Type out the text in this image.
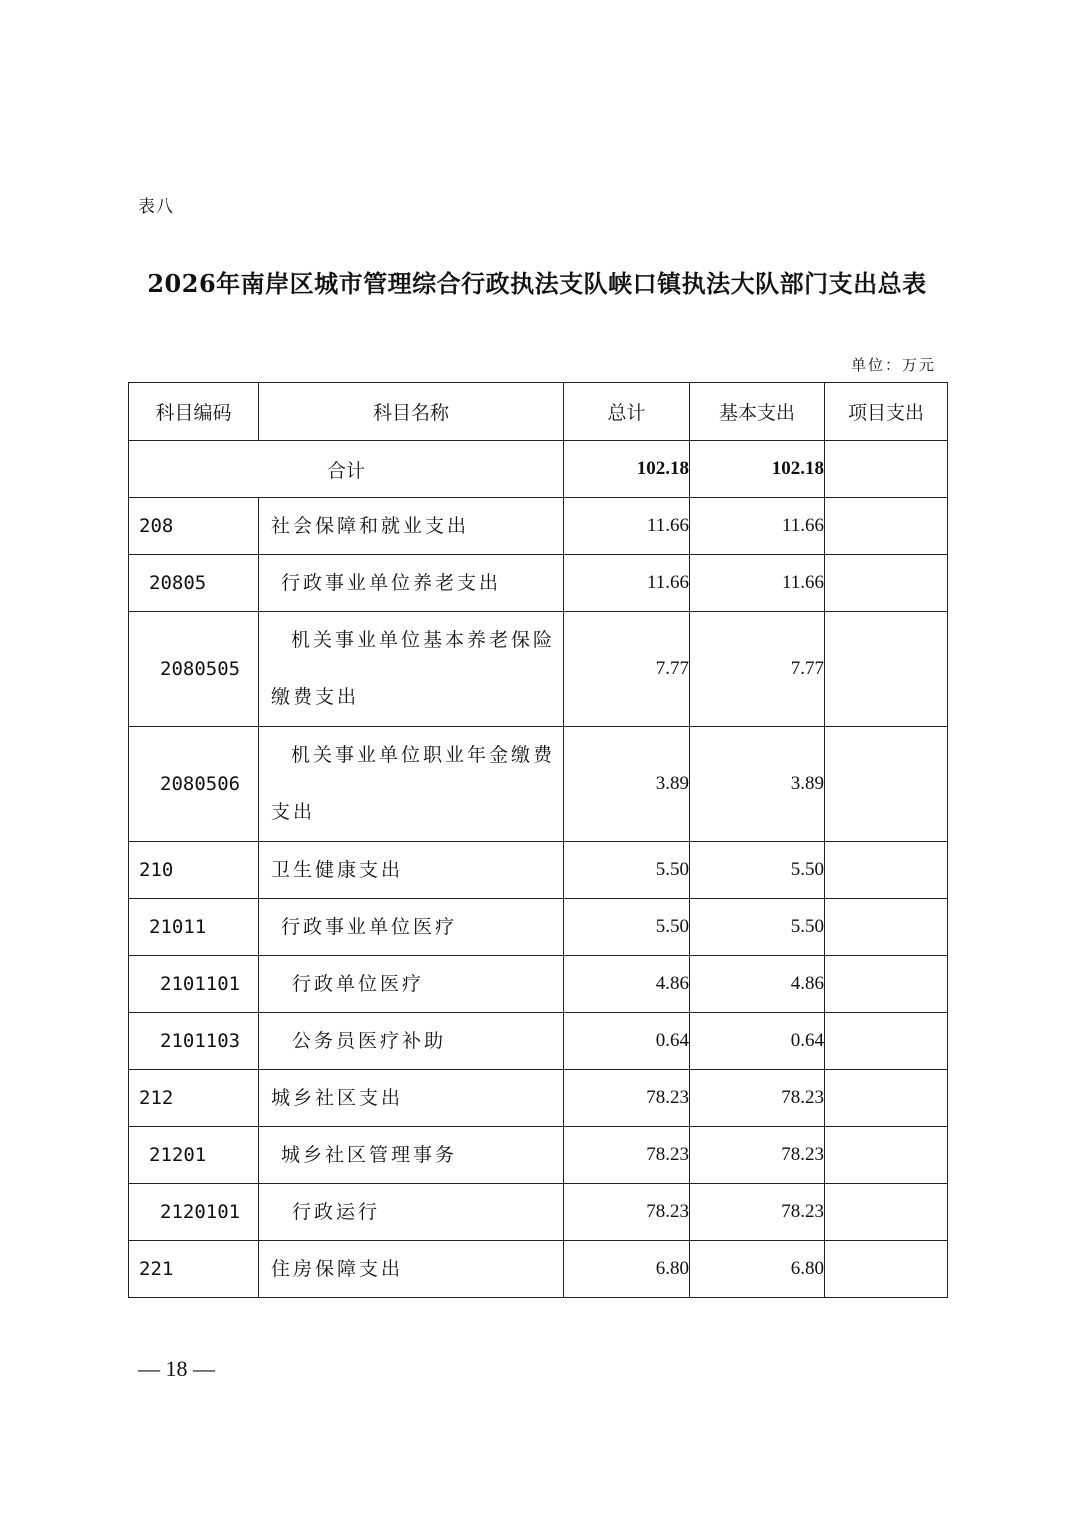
表八
2026年南岸区城市管理综合行政执法支队峡口镇执法大队部门支出总表
单位：万元
科目编码	科目名称	总计	基本支出	项目支出
合计		102.18	102.18	
208	社会保障和就业支出	11.66	11.66	
20805	行政事业单位养老支出	11.66	11.66	
2080505	机关事业单位基本养老保险缴费支出	7.77	7.77	
2080506	机关事业单位职业年金缴费支出	3.89	3.89	
210	卫生健康支出	5.50	5.50	
21011	行政事业单位医疗	5.50	5.50	
2101101	行政单位医疗	4.86	4.86	
2101103	公务员医疗补助	0.64	0.64	
212	城乡社区支出	78.23	78.23	
21201	城乡社区管理事务	78.23	78.23	
2120101	行政运行	78.23	78.23	
221	住房保障支出	6.80	6.80	
— 18 —
